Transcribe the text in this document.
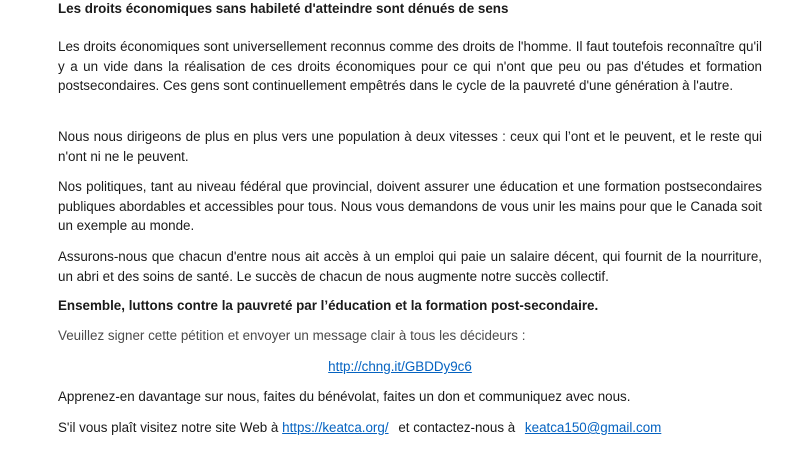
Les droits économiques sans habileté d'atteindre sont dénués de sens

Les droits économiques sont universellement reconnus comme des droits de l'homme. Il faut toutefois reconnaître qu'il y a un vide dans la réalisation de ces droits économiques pour ce qui n'ont que peu ou pas d'études et formation postsecondaires. Ces gens sont continuellement empêtrés dans le cycle de la pauvreté d'une génération à l'autre.

Nous nous dirigeons de plus en plus vers une population à deux vitesses : ceux qui l’ont et le peuvent, et le reste qui n'ont ni ne le peuvent.

Nos politiques, tant au niveau fédéral que provincial, doivent assurer une éducation et une formation postsecondaires publiques abordables et accessibles pour tous. Nous vous demandons de vous unir les mains pour que le Canada soit un exemple au monde.

Assurons-nous que chacun d'entre nous ait accès à un emploi qui paie un salaire décent, qui fournit de la nourriture, un abri et des soins de santé. Le succès de chacun de nous augmente notre succès collectif.

Ensemble, luttons contre la pauvreté par l’éducation et la formation post-secondaire.

Veuillez signer cette pétition et envoyer un message clair à tous les décideurs :

http://chng.it/GBDDy9c6

Apprenez-en davantage sur nous, faites du bénévolat, faites un don et communiquez avec nous.

S'il vous plaît visitez notre site Web à https://keatca.org/ et contactez-nous à keatca150@gmail.com
